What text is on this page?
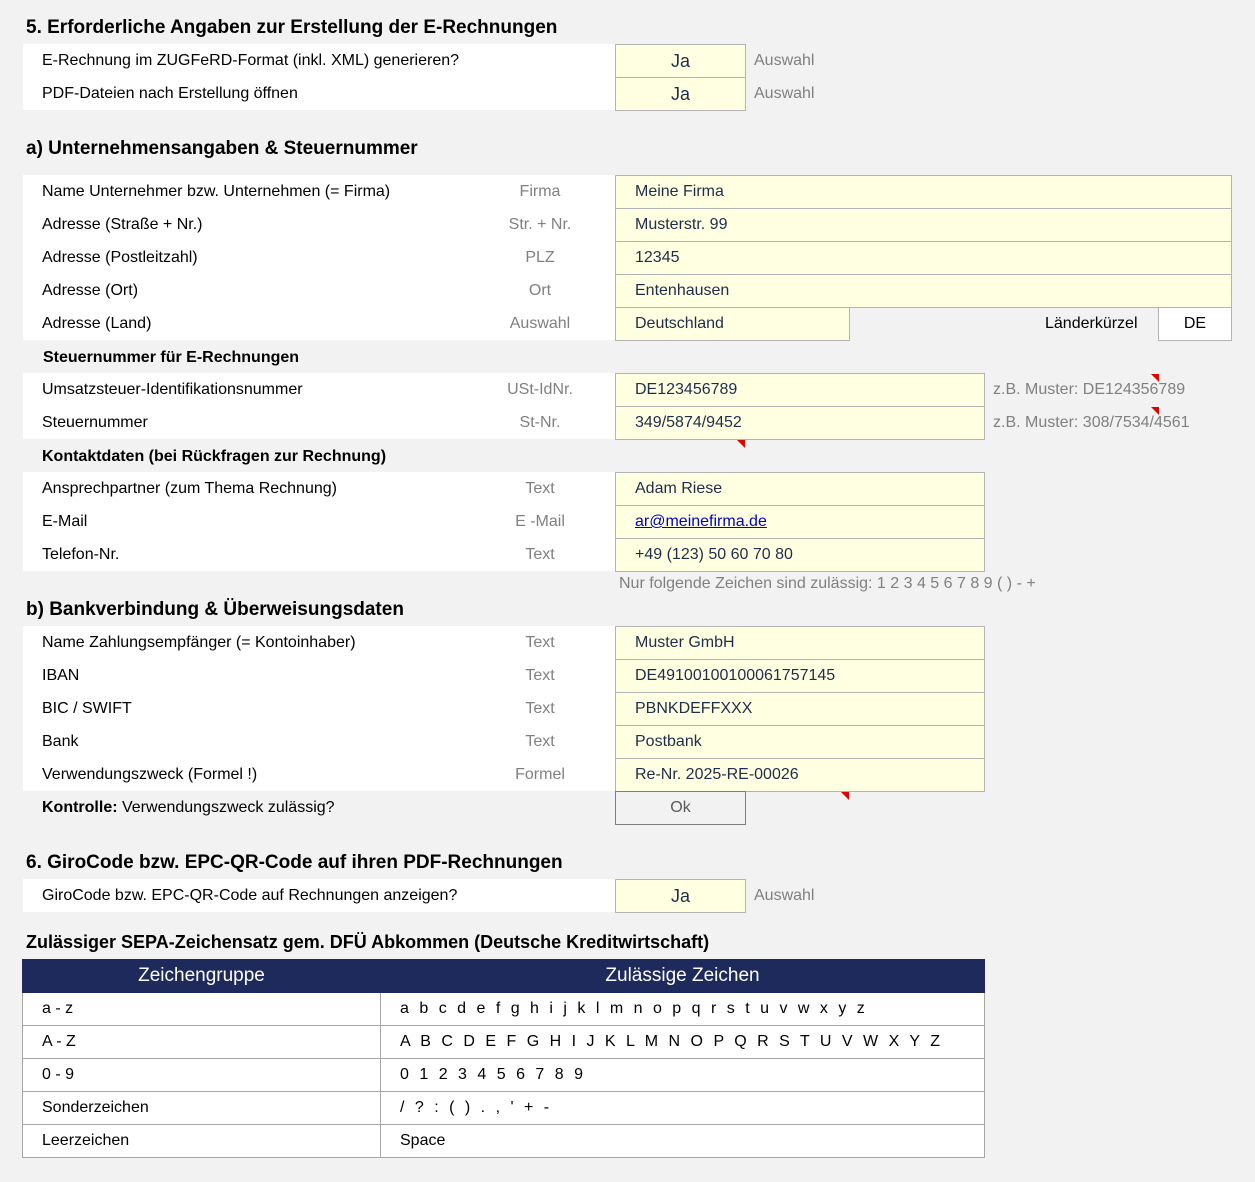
5. Erforderliche Angaben zur Erstellung der E-Rechnungen
E-Rechnung im ZUGFeRD-Format (inkl. XML) generieren?	Ja	Auswahl
PDF-Dateien nach Erstellung öffnen	Ja	Auswahl
a) Unternehmensangaben & Steuernummer
Name Unternehmer bzw. Unternehmen (= Firma)	Firma	Meine Firma
Adresse (Straße + Nr.)	Str. + Nr.	Musterstr. 99
Adresse (Postleitzahl)	PLZ	12345
Adresse (Ort)	Ort	Entenhausen
Adresse (Land)	Auswahl	Deutschland	Länderkürzel	DE
Steuernummer für E-Rechnungen
Umsatzsteuer-Identifikationsnummer	USt-IdNr.	DE123456789	z.B. Muster: DE124356789
Steuernummer	St-Nr.	349/5874/9452	z.B. Muster: 308/7534/4561
Kontaktdaten (bei Rückfragen zur Rechnung)
Ansprechpartner (zum Thema Rechnung)	Text	Adam Riese
E-Mail	E -Mail	ar@meinefirma.de
Telefon-Nr.	Text	+49 (123) 50 60 70 80
Nur folgende Zeichen sind zulässig: 1 2 3 4 5 6 7 8 9 ( ) - +
b) Bankverbindung & Überweisungsdaten
Name Zahlungsempfänger (= Kontoinhaber)	Text	Muster GmbH
IBAN	Text	DE49100100100061757145
BIC / SWIFT	Text	PBNKDEFFXXX
Bank	Text	Postbank
Verwendungszweck (Formel !)	Formel	Re-Nr. 2025-RE-00026
Kontrolle: Verwendungszweck zulässig?	Ok
6. GiroCode bzw. EPC-QR-Code auf ihren PDF-Rechnungen
GiroCode bzw. EPC-QR-Code auf Rechnungen anzeigen?	Ja	Auswahl
Zulässiger SEPA-Zeichensatz gem. DFÜ Abkommen (Deutsche Kreditwirtschaft)
Zeichengruppe	Zulässige Zeichen
a - z	a b c d e f g h i j k l m n o p q r s t u v w x y z
A - Z	A B C D E F G H I J K L M N O P Q R S T U V W X Y Z
0 - 9	0 1 2 3 4 5 6 7 8 9
Sonderzeichen	/ ? : ( ) . , ' + -
Leerzeichen	Space
